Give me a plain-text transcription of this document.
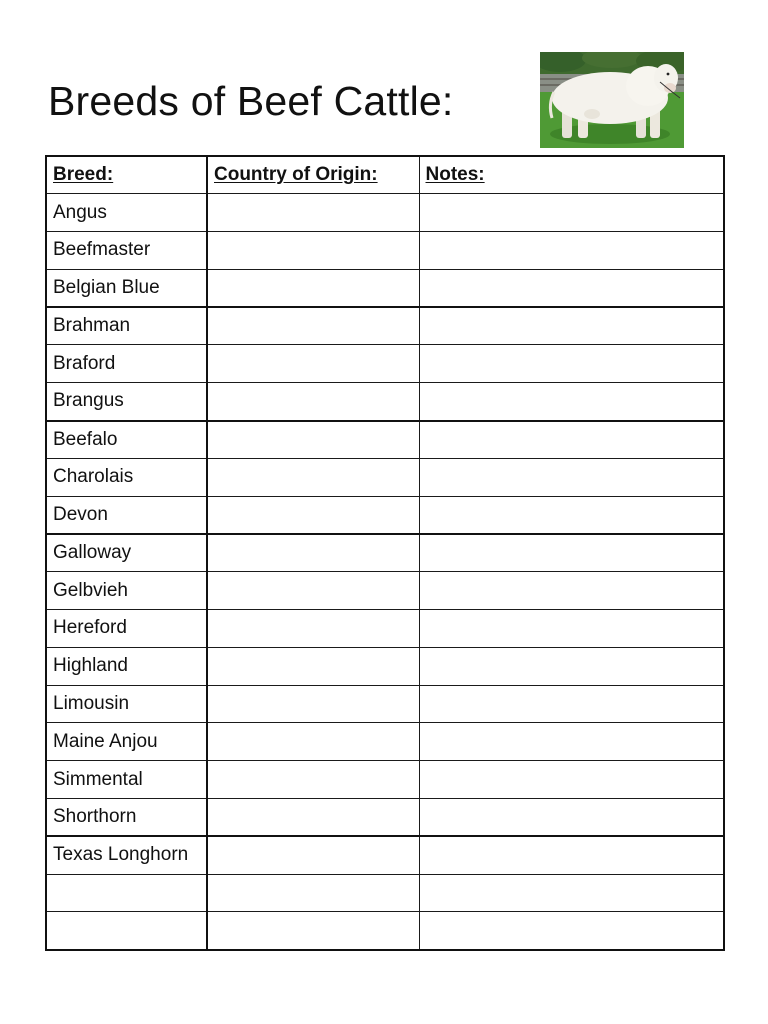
Breeds of Beef Cattle:
Breed:	Country of Origin:	Notes:
Angus		
Beefmaster		
Belgian Blue		
Brahman		
Braford		
Brangus		
Beefalo		
Charolais		
Devon		
Galloway		
Gelbvieh		
Hereford		
Highland		
Limousin		
Maine Anjou		
Simmental		
Shorthorn		
Texas Longhorn		
